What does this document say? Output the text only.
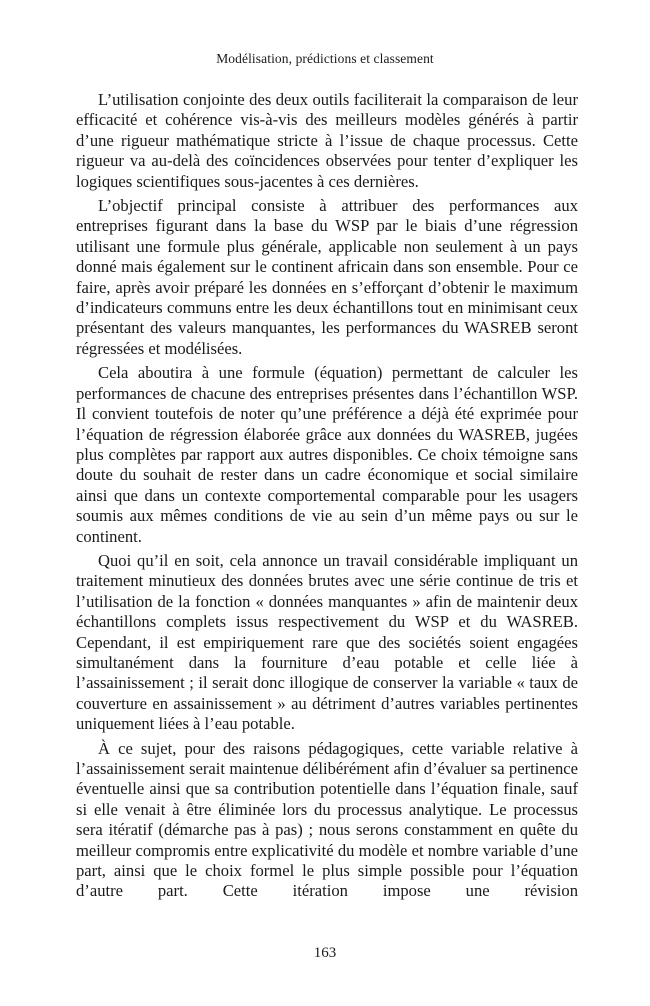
Modélisation, prédictions et classement

L’utilisation conjointe des deux outils faciliterait la comparaison de leur efficacité et cohérence vis-à-vis des meilleurs modèles générés à partir d’une rigueur mathématique stricte à l’issue de chaque processus. Cette rigueur va au-delà des coïncidences observées pour tenter d’expliquer les logiques scientifiques sous-jacentes à ces dernières.

L’objectif principal consiste à attribuer des performances aux entreprises figurant dans la base du WSP par le biais d’une régression utilisant une formule plus générale, applicable non seulement à un pays donné mais également sur le continent africain dans son ensemble. Pour ce faire, après avoir préparé les données en s’efforçant d’obtenir le maximum d’indicateurs communs entre les deux échantillons tout en minimisant ceux présentant des valeurs manquantes, les performances du WASREB seront régressées et modélisées.

Cela aboutira à une formule (équation) permettant de calculer les performances de chacune des entreprises présentes dans l’échantillon WSP. Il convient toutefois de noter qu’une préférence a déjà été exprimée pour l’équation de régression élaborée grâce aux données du WASREB, jugées plus complètes par rapport aux autres disponibles. Ce choix témoigne sans doute du souhait de rester dans un cadre économique et social similaire ainsi que dans un contexte comportemental comparable pour les usagers soumis aux mêmes conditions de vie au sein d’un même pays ou sur le continent.

Quoi qu’il en soit, cela annonce un travail considérable impliquant un traitement minutieux des données brutes avec une série continue de tris et l’utilisation de la fonction « données manquantes » afin de maintenir deux échantillons complets issus respectivement du WSP et du WASREB. Cependant, il est empiriquement rare que des sociétés soient engagées simultanément dans la fourniture d’eau potable et celle liée à l’assainissement ; il serait donc illogique de conserver la variable « taux de couverture en assainissement » au détriment d’autres variables pertinentes uniquement liées à l’eau potable.

À ce sujet, pour des raisons pédagogiques, cette variable relative à l’assainissement serait maintenue délibérément afin d’évaluer sa pertinence éventuelle ainsi que sa contribution potentielle dans l’équation finale, sauf si elle venait à être éliminée lors du processus analytique. Le processus sera itératif (démarche pas à pas) ; nous serons constamment en quête du meilleur compromis entre explicativité du modèle et nombre variable d’une part, ainsi que le choix formel le plus simple possible pour l’équation d’autre part. Cette itération impose une révision

163
